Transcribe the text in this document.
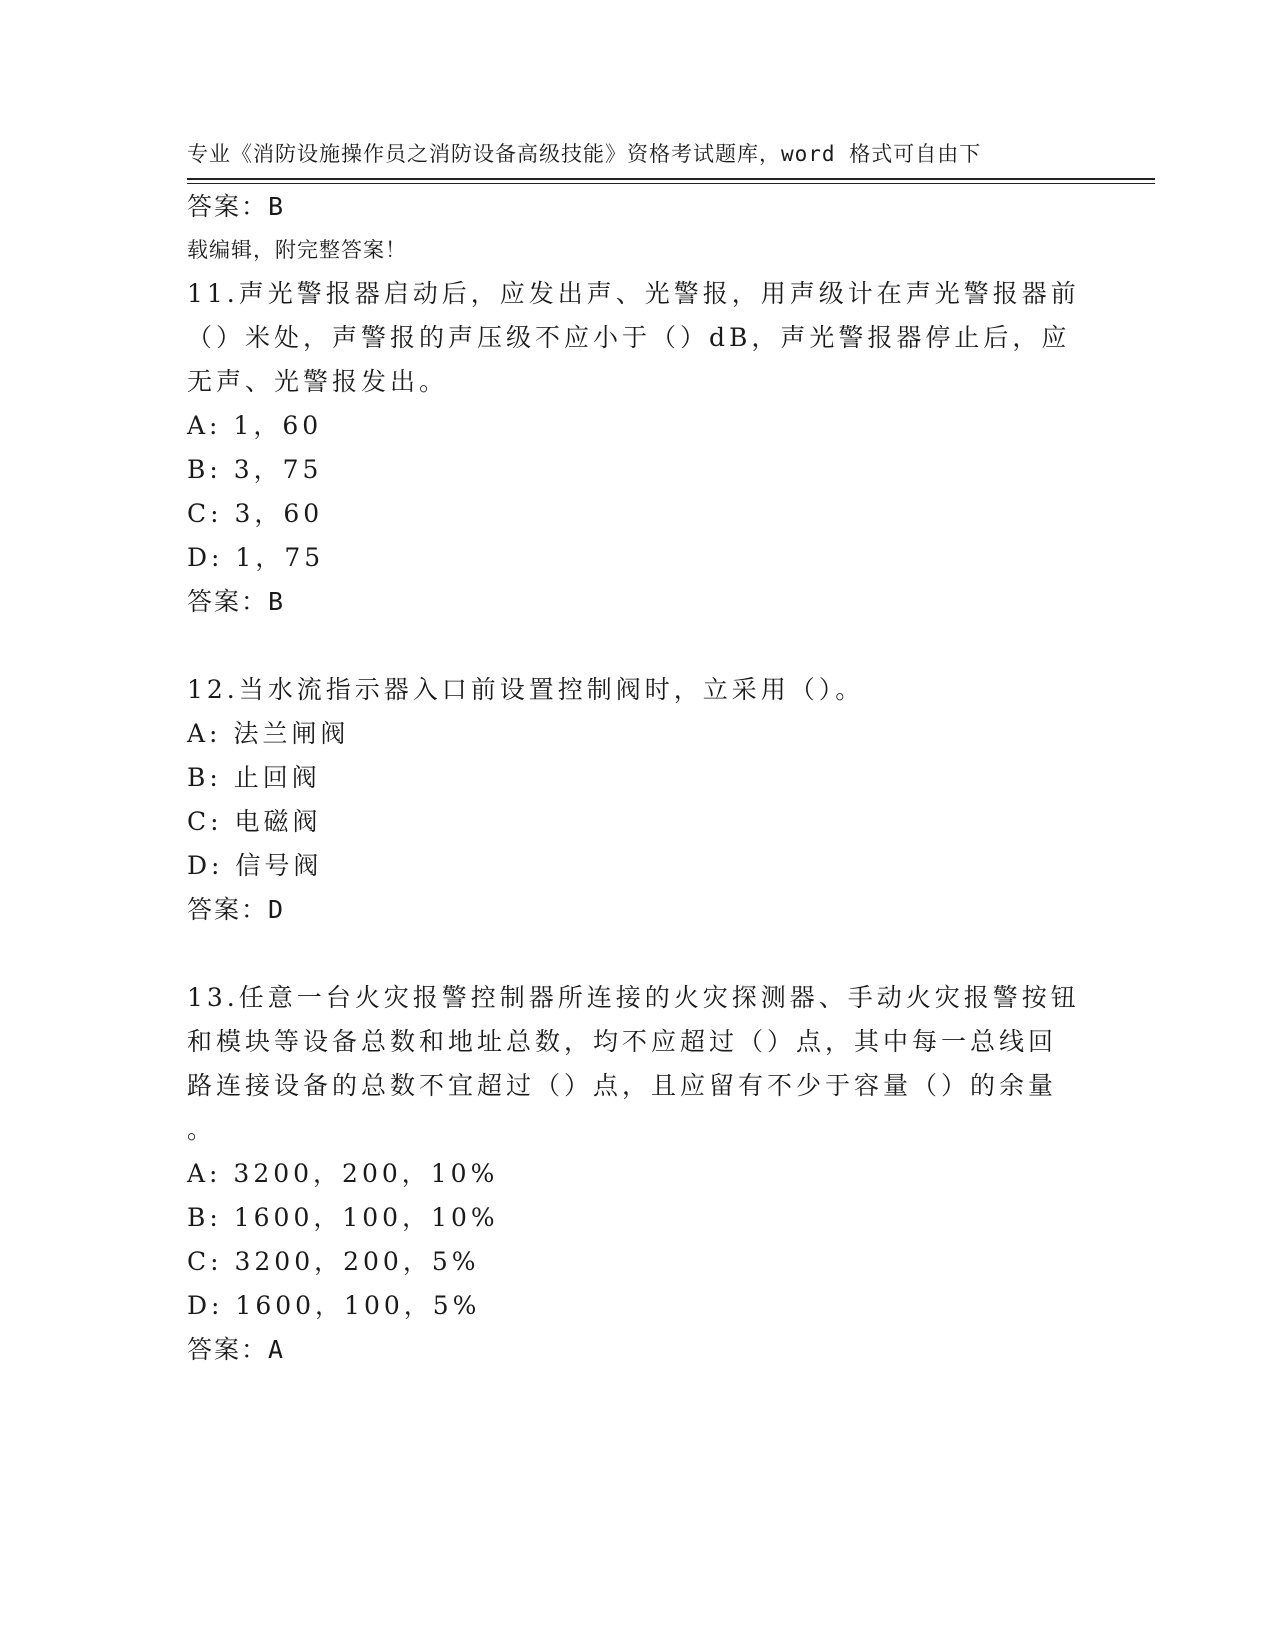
专业《消防设施操作员之消防设备高级技能》资格考试题库，word 格式可自由下

载编辑，附完整答案！

答案：B
11.声光警报器启动后，应发出声、光警报，用声级计在声光警报器前
（）米处，声警报的声压级不应小于（）dB，声光警报器停止后，应
无声、光警报发出。
A: 1，60
B: 3，75
C: 3，60
D: 1，75
答案：B
12.当水流指示器入口前设置控制阀时，立采用（）。
A: 法兰闸阀
B: 止回阀
C: 电磁阀
D: 信号阀
答案：D
13.任意一台火灾报警控制器所连接的火灾探测器、手动火灾报警按钮
和模块等设备总数和地址总数，均不应超过（）点，其中每一总线回
路连接设备的总数不宜超过（）点，且应留有不少于容量（）的余量
。
A: 3200，200，10%
B: 1600，100，10%
C: 3200，200，5%
D: 1600，100，5%
答案：A
